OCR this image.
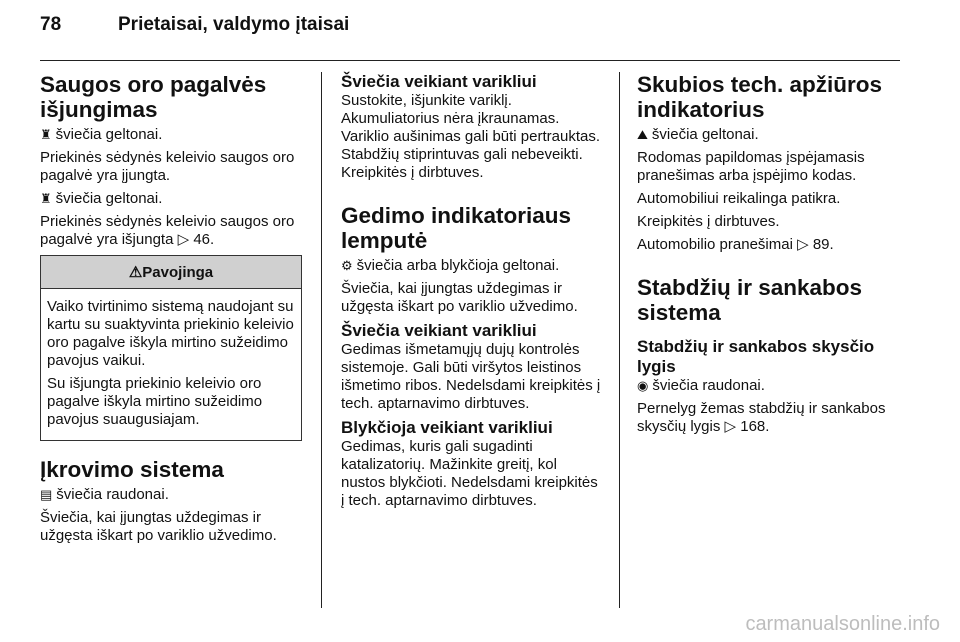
78	Prietaisai, valdymo įtaisai
Saugos oro pagalvės išjungimas

♜ šviečia geltonai.

Priekinės sėdynės keleivio saugos oro pagalvė yra įjungta.

♜ šviečia geltonai.

Priekinės sėdynės keleivio saugos oro pagalvė yra išjungta ▷ 46.

⚠Pavojinga

Vaiko tvirtinimo sistemą naudojant su kartu su suaktyvinta priekinio keleivio oro pagalve iškyla mirtino sužeidimo pavojus vaikui.

Su išjungta priekinio keleivio oro pagalve iškyla mirtino sužeidimo pavojus suaugusiajam.

Įkrovimo sistema

▤ šviečia raudonai.

Šviečia, kai įjungtas uždegimas ir užgęsta iškart po variklio užvedimo.

Šviečia veikiant varikliui

Sustokite, išjunkite variklį. Akumuliatorius nėra įkraunamas. Variklio aušinimas gali būti pertrauktas. Stabdžių stiprintuvas gali nebeveikti. Kreipkitės į dirbtuves.

Gedimo indikatoriaus lemputė

⚙ šviečia arba blykčioja geltonai.

Šviečia, kai įjungtas uždegimas ir užgęsta iškart po variklio užvedimo.

Šviečia veikiant varikliui

Gedimas išmetamųjų dujų kontrolės sistemoje. Gali būti viršytos leistinos išmetimo ribos. Nedelsdami kreipkitės į tech. aptarnavimo dirbtuves.

Blykčioja veikiant varikliui

Gedimas, kuris gali sugadinti katalizatorių. Mažinkite greitį, kol nustos blykčioti. Nedelsdami kreipkitės į tech. aptarnavimo dirbtuves.

Skubios tech. apžiūros indikatorius

⛰ šviečia geltonai.

Rodomas papildomas įspėjamasis pranešimas arba įspėjimo kodas.

Automobiliui reikalinga patikra.

Kreipkitės į dirbtuves.

Automobilio pranešimai ▷ 89.

Stabdžių ir sankabos sistema
Stabdžių ir sankabos skysčio lygis

◉ šviečia raudonai.

Pernelyg žemas stabdžių ir sankabos skysčių lygis ▷ 168.

carmanualsonline.info
